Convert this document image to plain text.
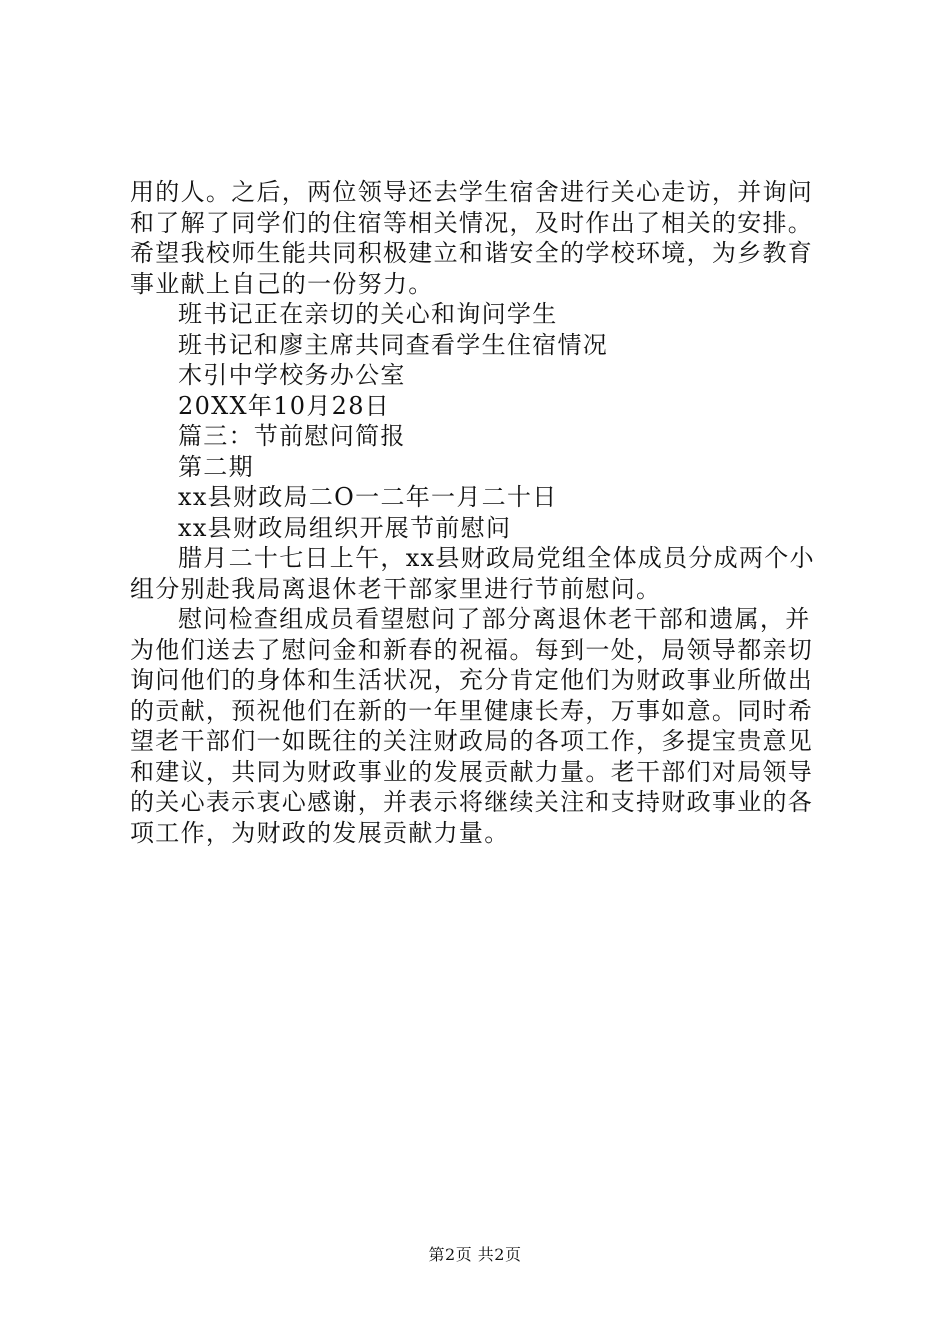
用的人。之后，两位领导还去学生宿舍进行关心走访，并询问
和了解了同学们的住宿等相关情况，及时作出了相关的安排。
希望我校师生能共同积极建立和谐安全的学校环境，为乡教育
事业献上自己的一份努力。
班书记正在亲切的关心和询问学生
班书记和廖主席共同查看学生住宿情况
木引中学校务办公室
20XX年10月28日
篇三：节前慰问简报
第二期
xx县财政局二O一二年一月二十日
xx县财政局组织开展节前慰问
腊月二十七日上午，xx县财政局党组全体成员分成两个小
组分别赴我局离退休老干部家里进行节前慰问。
慰问检查组成员看望慰问了部分离退休老干部和遗属，并
为他们送去了慰问金和新春的祝福。每到一处，局领导都亲切
询问他们的身体和生活状况，充分肯定他们为财政事业所做出
的贡献，预祝他们在新的一年里健康长寿，万事如意。同时希
望老干部们一如既往的关注财政局的各项工作，多提宝贵意见
和建议，共同为财政事业的发展贡献力量。老干部们对局领导
的关心表示衷心感谢，并表示将继续关注和支持财政事业的各
项工作，为财政的发展贡献力量。
第2页 共2页
